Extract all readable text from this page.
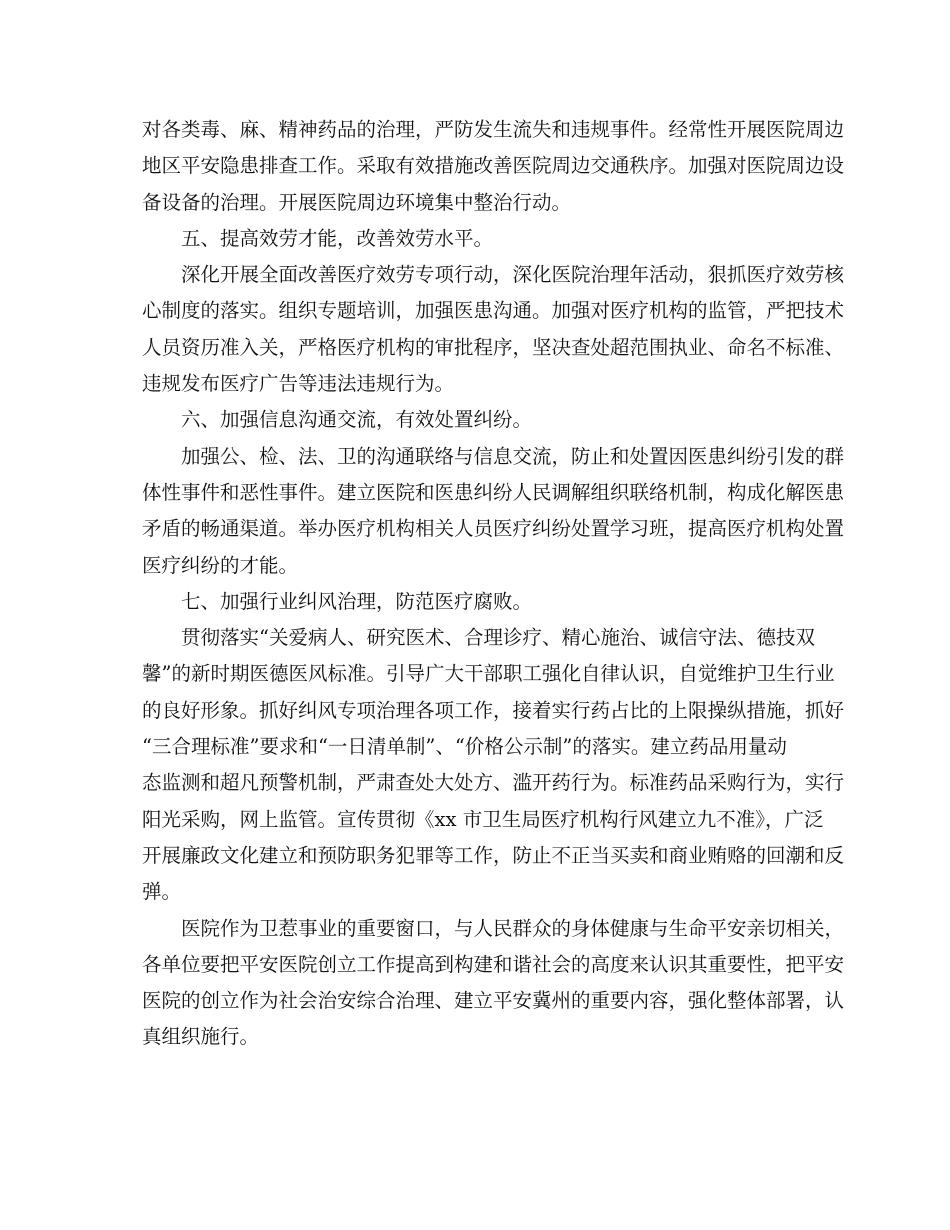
对各类毒、麻、精神药品的治理，严防发生流失和违规事件。经常性开展医院周边
地区平安隐患排查工作。采取有效措施改善医院周边交通秩序。加强对医院周边设
备设备的治理。开展医院周边环境集中整治行动。
五、提高效劳才能，改善效劳水平。
深化开展全面改善医疗效劳专项行动，深化医院治理年活动，狠抓医疗效劳核
心制度的落实。组织专题培训，加强医患沟通。加强对医疗机构的监管，严把技术
人员资历准入关，严格医疗机构的审批程序，坚决查处超范围执业、命名不标准、
违规发布医疗广告等违法违规行为。
六、加强信息沟通交流，有效处置纠纷。
加强公、检、法、卫的沟通联络与信息交流，防止和处置因医患纠纷引发的群
体性事件和恶性事件。建立医院和医患纠纷人民调解组织联络机制，构成化解医患
矛盾的畅通渠道。举办医疗机构相关人员医疗纠纷处置学习班，提高医疗机构处置
医疗纠纷的才能。
七、加强行业纠风治理，防范医疗腐败。
贯彻落实“关爱病人、研究医术、合理诊疗、精心施治、诚信守法、德技双
馨”的新时期医德医风标准。引导广大干部职工强化自律认识，自觉维护卫生行业
的良好形象。抓好纠风专项治理各项工作，接着实行药占比的上限操纵措施，抓好
“三合理标准”要求和“一日清单制”、“价格公示制”的落实。建立药品用量动
态监测和超凡预警机制，严肃查处大处方、滥开药行为。标准药品采购行为，实行
阳光采购，网上监管。宣传贯彻《xx 市卫生局医疗机构行风建立九不准》，广泛
开展廉政文化建立和预防职务犯罪等工作，防止不正当买卖和商业贿赂的回潮和反
弹。
医院作为卫惹事业的重要窗口，与人民群众的身体健康与生命平安亲切相关，
各单位要把平安医院创立工作提高到构建和谐社会的高度来认识其重要性，把平安
医院的创立作为社会治安综合治理、建立平安冀州的重要内容，强化整体部署，认
真组织施行。
